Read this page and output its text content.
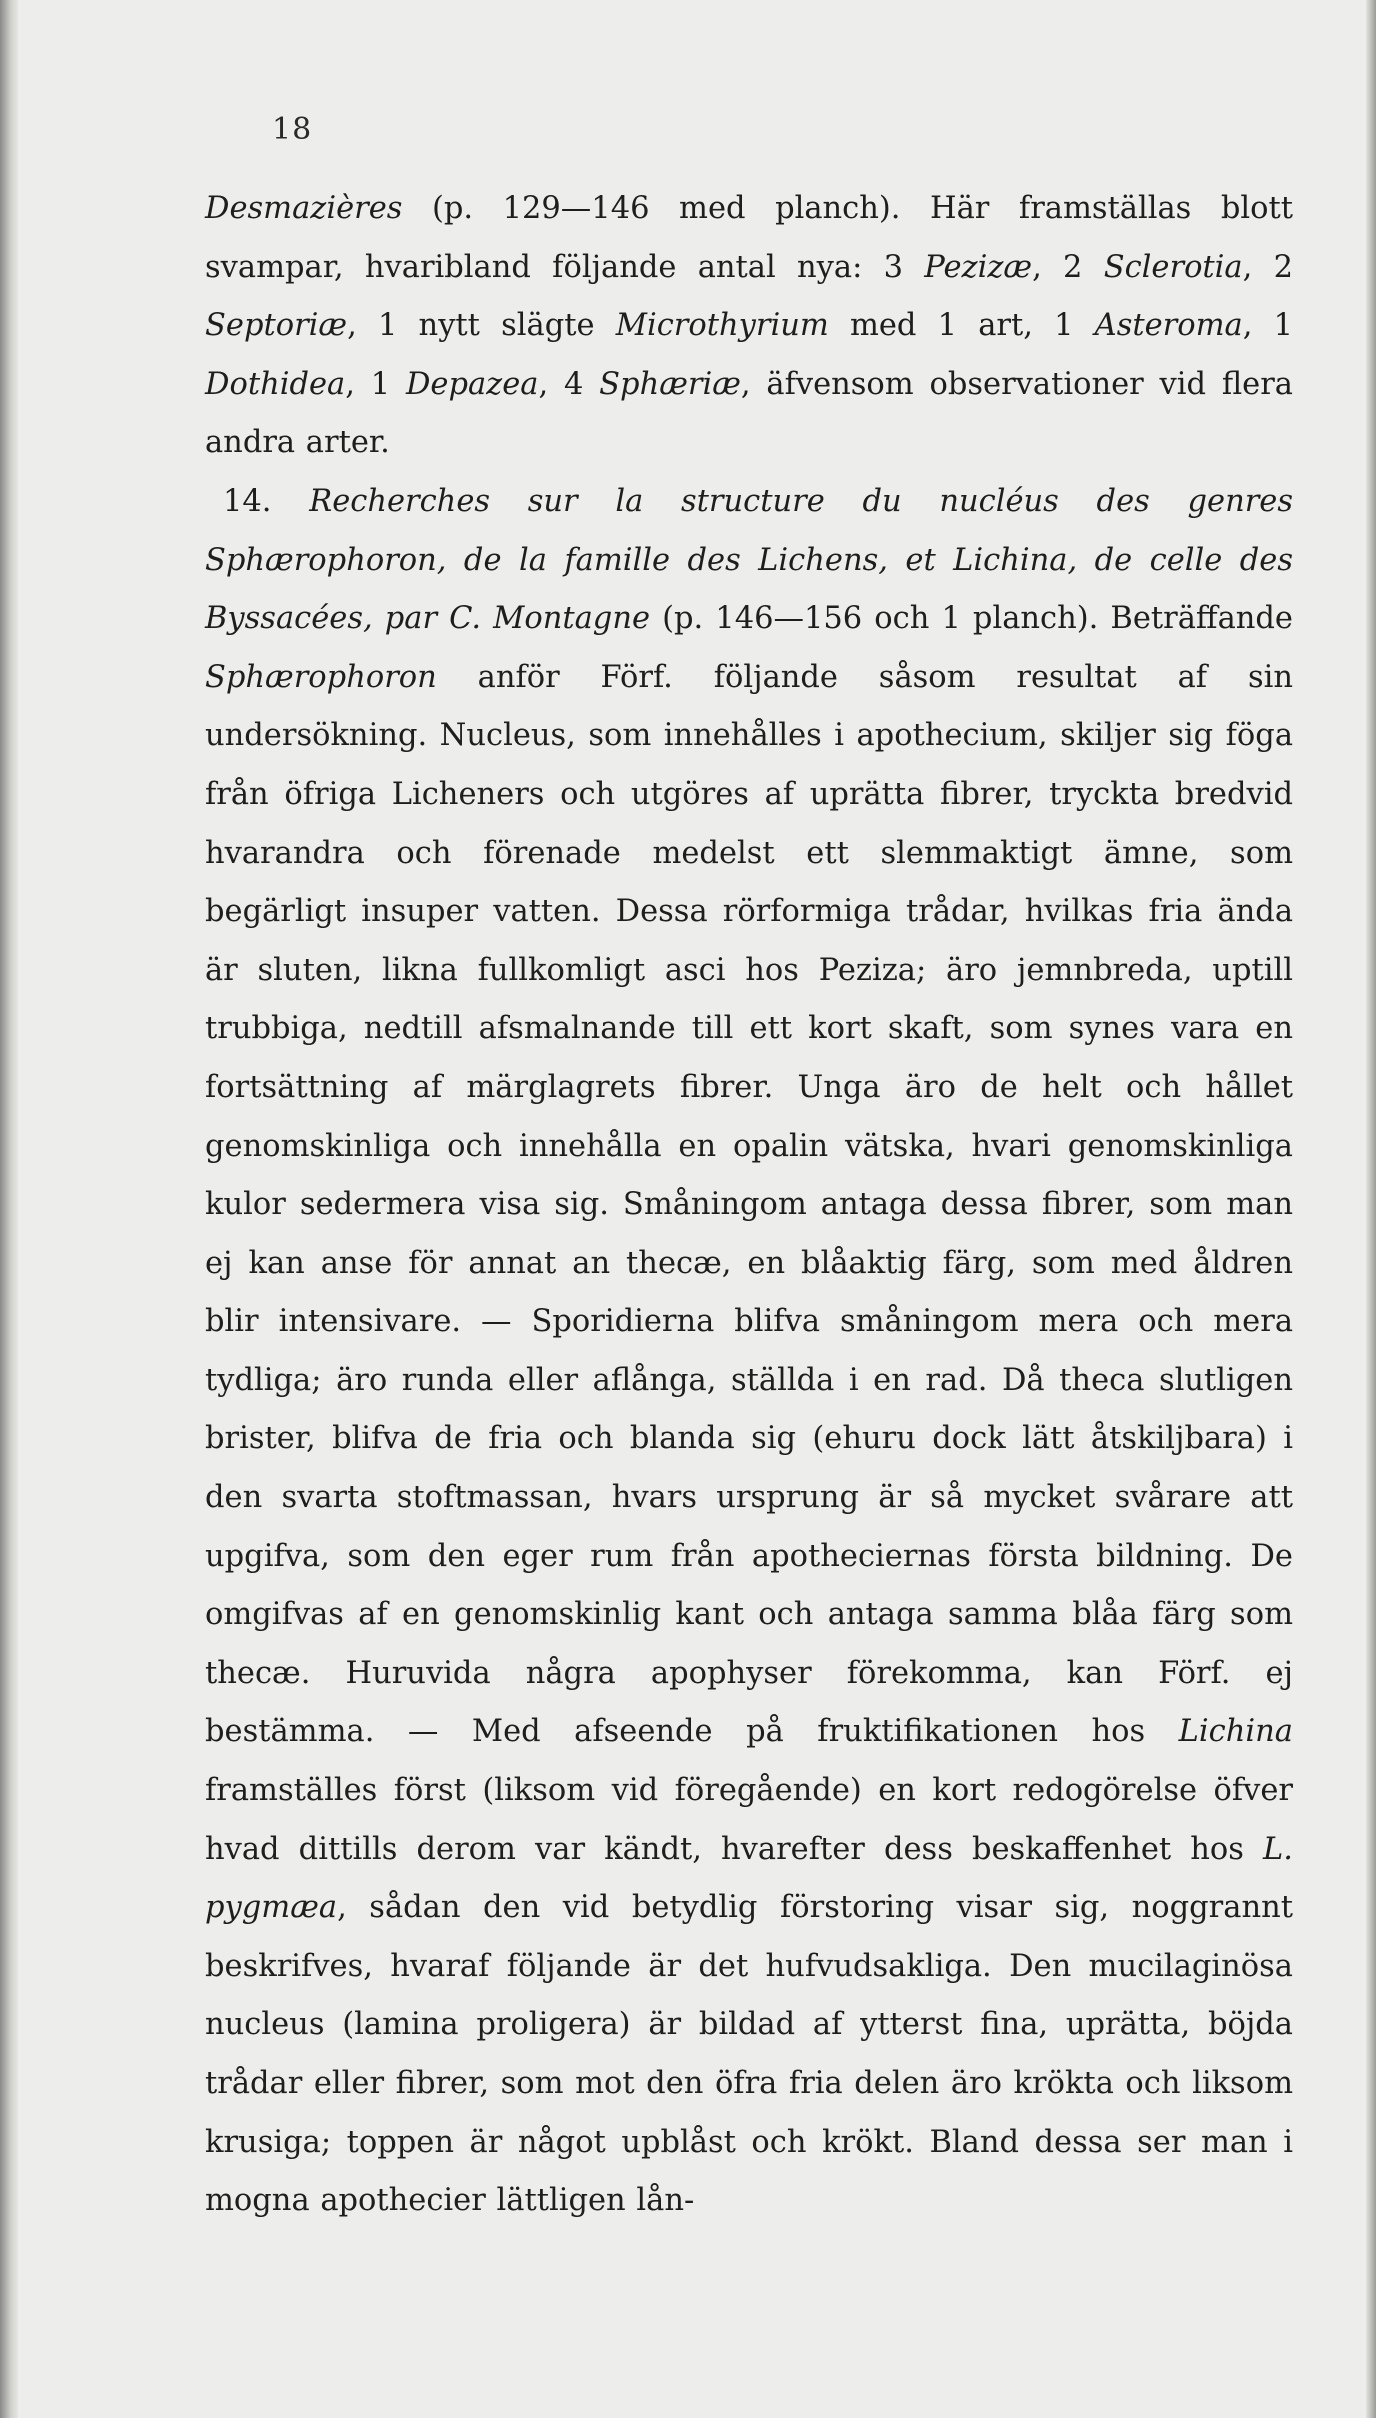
18

Desmazières (p. 129—146 med planch). Här framställas blott svampar, hvaribland följande antal nya: 3 Pezizæ, 2 Sclerotia, 2 Septoriæ, 1 nytt slägte Microthyrium med 1 art, 1 Asteroma, 1 Dothidea, 1 Depazea, 4 Sphæriæ, äfvensom observationer vid flera andra arter.

14. Recherches sur la structure du nucléus des genres Sphærophoron, de la famille des Lichens, et Lichina, de celle des Byssacées, par C. Montagne (p. 146—156 och 1 planch). Beträffande Sphærophoron anför Förf. följande såsom resultat af sin undersökning. Nucleus, som innehålles i apothecium, skiljer sig föga från öfriga Licheners och utgöres af uprätta fibrer, tryckta bredvid hvarandra och förenade medelst ett slemmaktigt ämne, som begärligt insuper vatten. Dessa rörformiga trådar, hvilkas fria ända är sluten, likna fullkomligt asci hos Peziza; äro jemnbreda, uptill trubbiga, nedtill afsmalnande till ett kort skaft, som synes vara en fortsättning af märglagrets fibrer. Unga äro de helt och hållet genomskinliga och innehålla en opalin vätska, hvari genomskinliga kulor sedermera visa sig. Småningom antaga dessa fibrer, som man ej kan anse för annat an thecæ, en blåaktig färg, som med åldren blir intensivare. — Sporidierna blifva småningom mera och mera tydliga; äro runda eller aflånga, ställda i en rad. Då theca slutligen brister, blifva de fria och blanda sig (ehuru dock lätt åtskiljbara) i den svarta stoftmassan, hvars ursprung är så mycket svårare att upgifva, som den eger rum från apotheciernas första bildning. De omgifvas af en genomskinlig kant och antaga samma blåa färg som thecæ. Huruvida några apophyser förekomma, kan Förf. ej bestämma. — Med afseende på fruktifikationen hos Lichina framställes först (liksom vid föregående) en kort redogörelse öfver hvad dittills derom var kändt, hvarefter dess beskaffenhet hos L. pygmæa, sådan den vid betydlig förstoring visar sig, noggrannt beskrifves, hvaraf följande är det hufvudsakliga. Den mucilaginösa nucleus (lamina proligera) är bildad af ytterst fina, uprätta, böjda trådar eller fibrer, som mot den öfra fria delen äro krökta och liksom krusiga; toppen är något upblåst och krökt. Bland dessa ser man i mogna apothecier lättligen lån-
